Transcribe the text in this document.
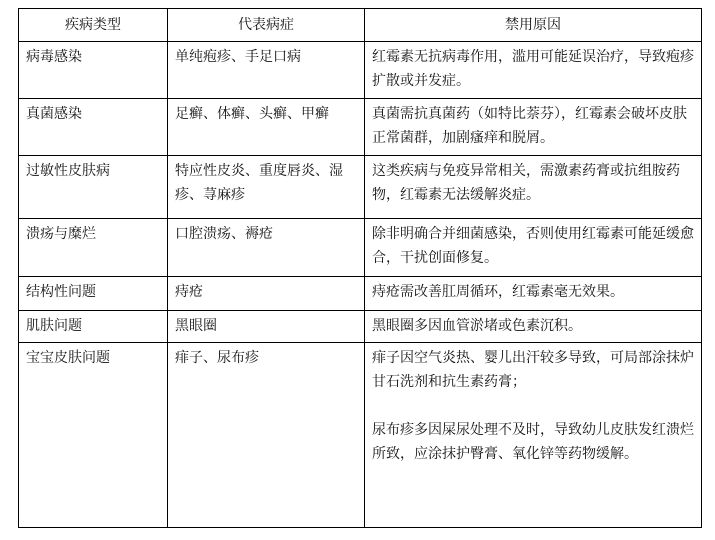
疾病类型	代表病症	禁用原因
病毒感染	单纯疱疹、手足口病	红霉素无抗病毒作用，滥用可能延误治疗，导致疱疹扩散或并发症。

真菌感染	足癣、体癣、头癣、甲癣	真菌需抗真菌药（如特比萘芬），红霉素会破坏皮肤正常菌群，加剧瘙痒和脱屑。

过敏性皮肤病	特应性皮炎、重度唇炎、湿疹、荨麻疹	这类疾病与免疫异常相关，需激素药膏或抗组胺药物，红霉素无法缓解炎症。

溃疡与糜烂	口腔溃疡、褥疮	除非明确合并细菌感染，否则使用红霉素可能延缓愈合，干扰创面修复。

结构性问题	痔疮	痔疮需改善肛周循环，红霉素毫无效果。

肌肤问题	黑眼圈	黑眼圈多因血管淤堵或色素沉积。

宝宝皮肤问题	痱子、尿布疹	痱子因空气炎热、婴儿出汗较多导致，可局部涂抹炉甘石洗剂和抗生素药膏；
尿布疹多因屎尿处理不及时，导致幼儿皮肤发红溃烂所致，应涂抹护臀膏、氧化锌等药物缓解。
